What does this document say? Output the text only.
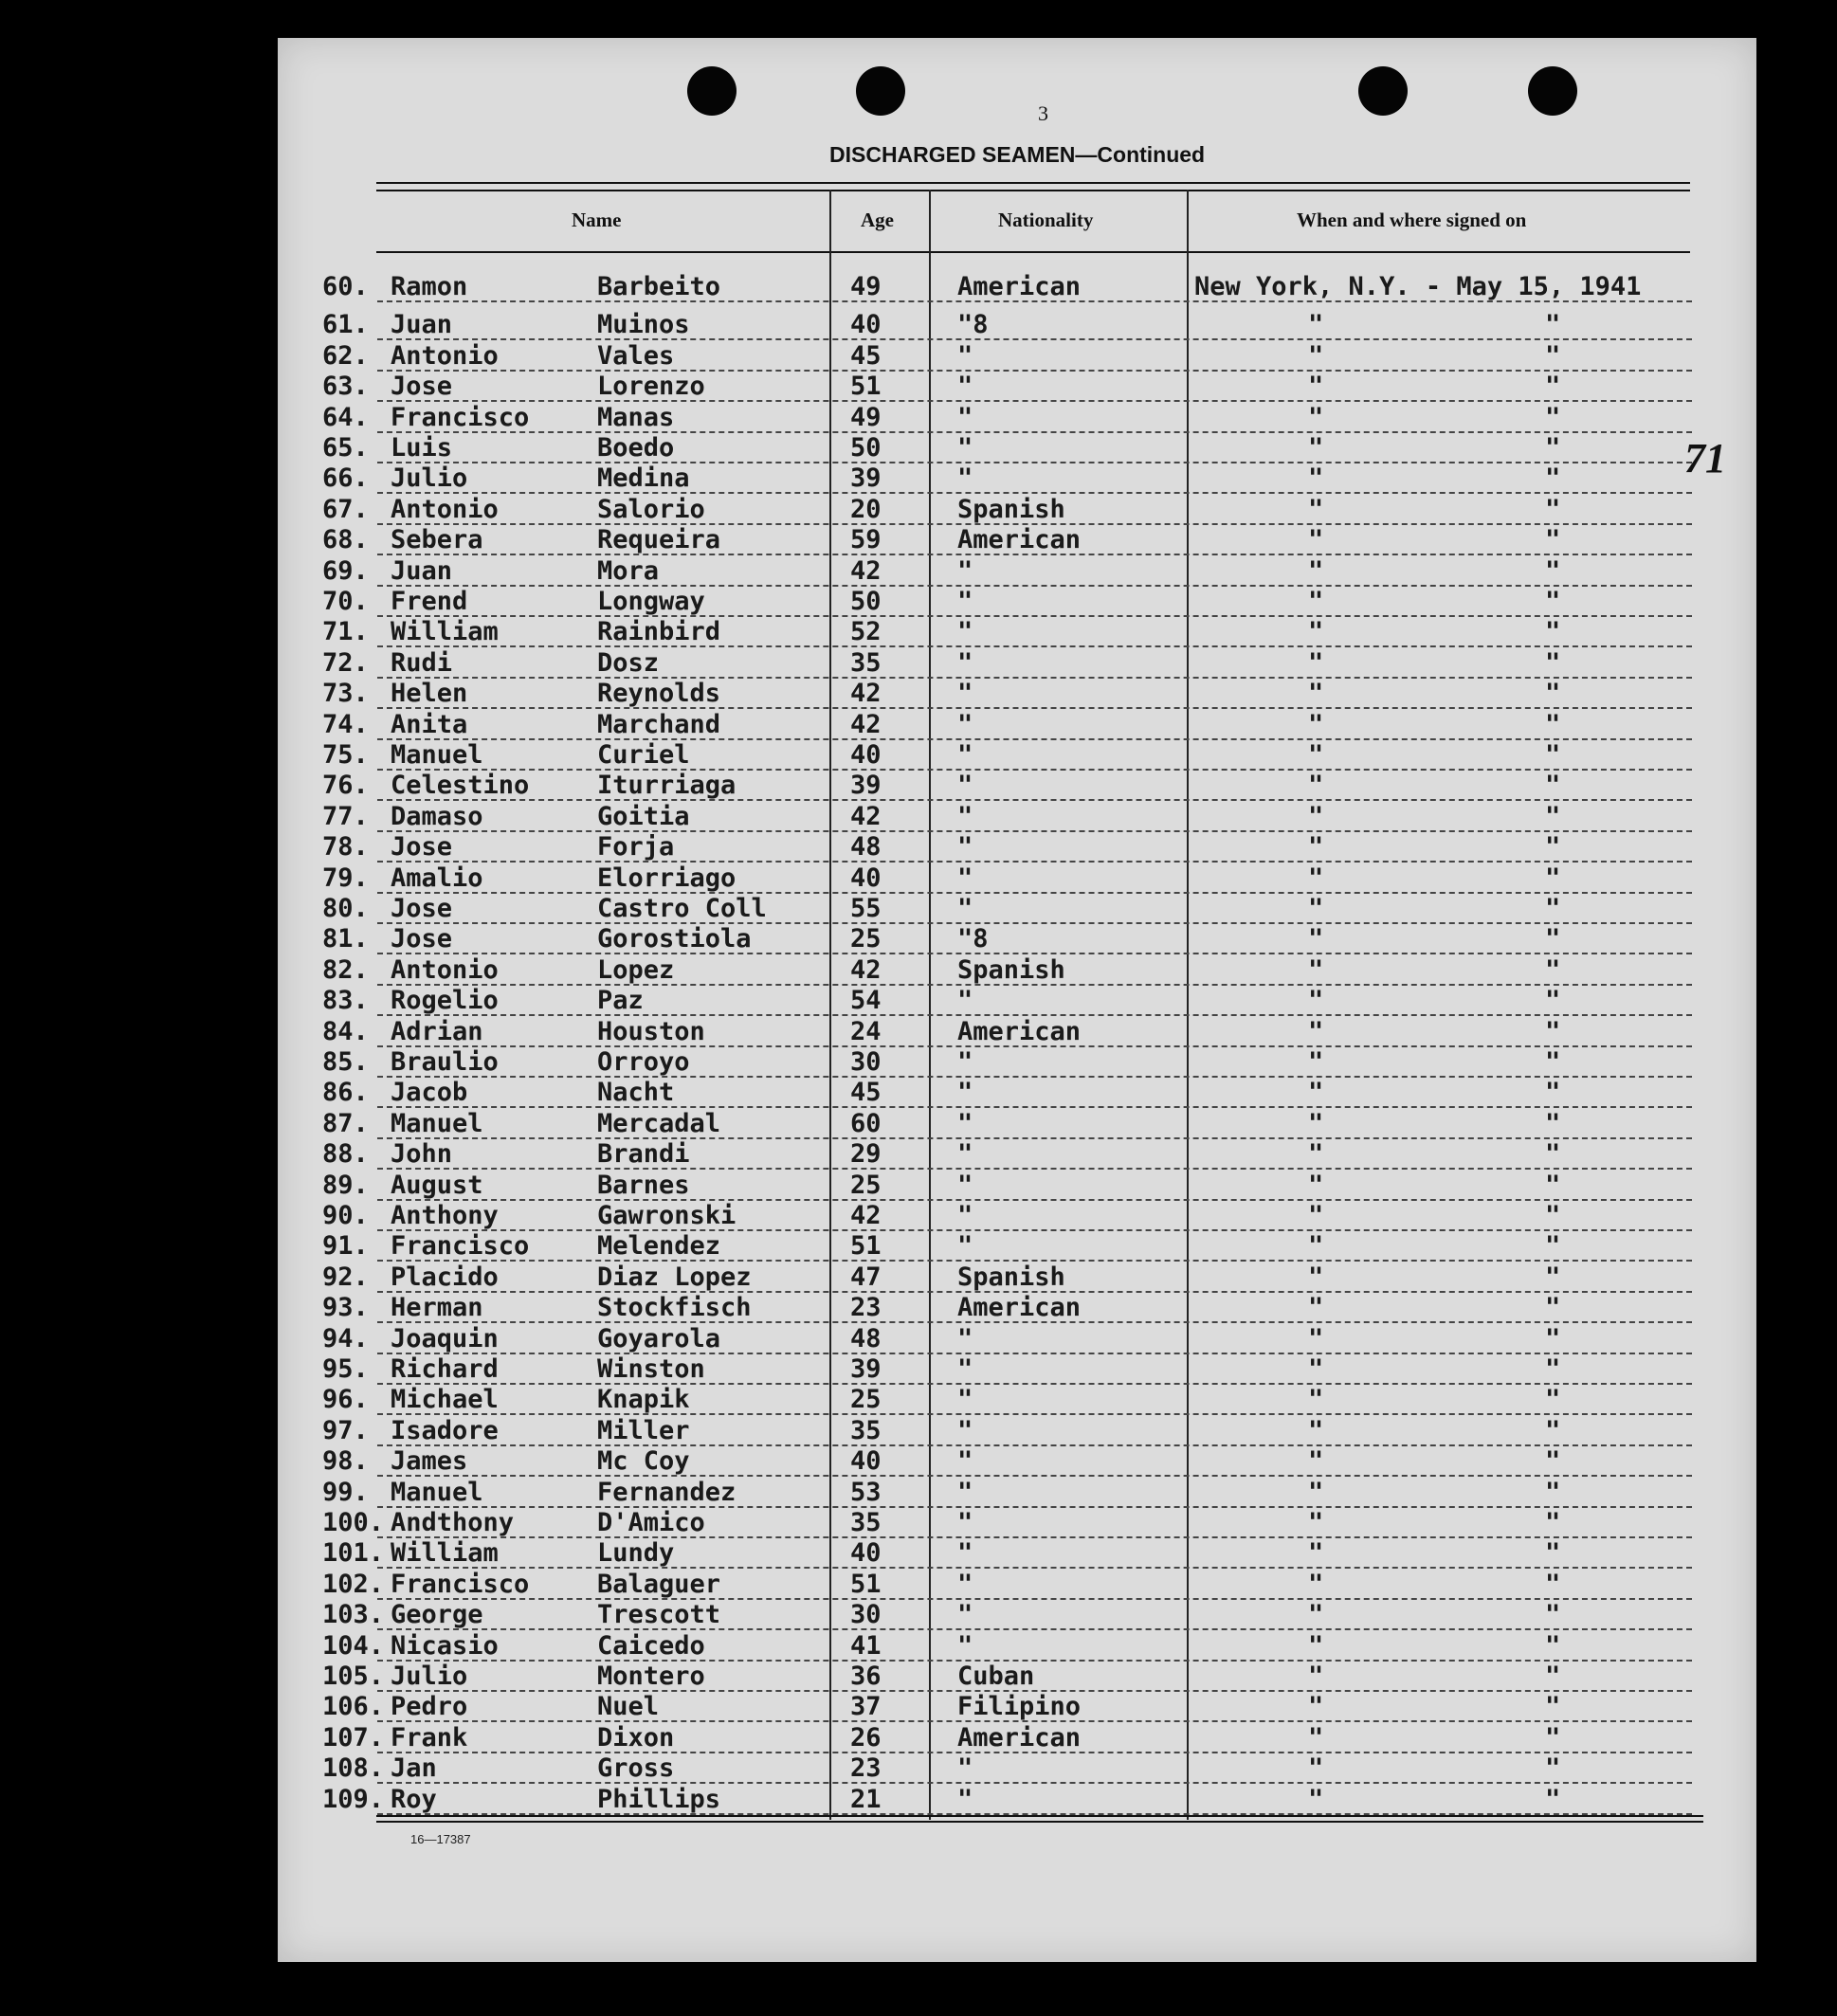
3
DISCHARGED SEAMEN—Continued
Name	Age	Nationality	When and where signed on
60. Ramon	Barbeito	49	American	New York, N.Y. - May 15, 1941
61. Juan	Muinos	40	"8	"	"
62. Antonio	Vales	45	"	"	"
63. Jose	Lorenzo	51	"	"	"
64. Francisco	Manas	49	"	"	"
65. Luis	Boedo	50	"	"	"
66. Julio	Medina	39	"	"	"
67. Antonio	Salorio	20	Spanish	"	"
68. Sebera	Requeira	59	American	"	"
69. Juan	Mora	42	"	"	"
70. Frend	Longway	50	"	"	"
71. William	Rainbird	52	"	"	"
72. Rudi	Dosz	35	"	"	"
73. Helen	Reynolds	42	"	"	"
74. Anita	Marchand	42	"	"	"
75. Manuel	Curiel	40	"	"	"
76. Celestino	Iturriaga	39	"	"	"
77. Damaso	Goitia	42	"	"	"
78. Jose	Forja	48	"	"	"
79. Amalio	Elorriago	40	"	"	"
80. Jose	Castro Coll	55	"	"	"
81. Jose	Gorostiola	25	"8	"	"
82. Antonio	Lopez	42	Spanish	"	"
83. Rogelio	Paz	54	"	"	"
84. Adrian	Houston	24	American	"	"
85. Braulio	Orroyo	30	"	"	"
86. Jacob	Nacht	45	"	"	"
87. Manuel	Mercadal	60	"	"	"
88. John	Brandi	29	"	"	"
89. August	Barnes	25	"	"	"
90. Anthony	Gawronski	42	"	"	"
91. Francisco	Melendez	51	"	"	"
92. Placido	Diaz Lopez	47	Spanish	"	"
93. Herman	Stockfisch	23	American	"	"
94. Joaquin	Goyarola	48	"	"	"
95. Richard	Winston	39	"	"	"
96. Michael	Knapik	25	"	"	"
97. Isadore	Miller	35	"	"	"
98. James	Mc Coy	40	"	"	"
99. Manuel	Fernandez	53	"	"	"
100. Andthony	D'Amico	35	"	"	"
101. William	Lundy	40	"	"	"
102. Francisco	Balaguer	51	"	"	"
103. George	Trescott	30	"	"	"
104. Nicasio	Caicedo	41	"	"	"
105. Julio	Montero	36	Cuban	"	"
106. Pedro	Nuel	37	Filipino	"	"
107. Frank	Dixon	26	American	"	"
108. Jan	Gross	23	"	"	"
109. Roy	Phillips	21	"	"	"
16—17387
71
